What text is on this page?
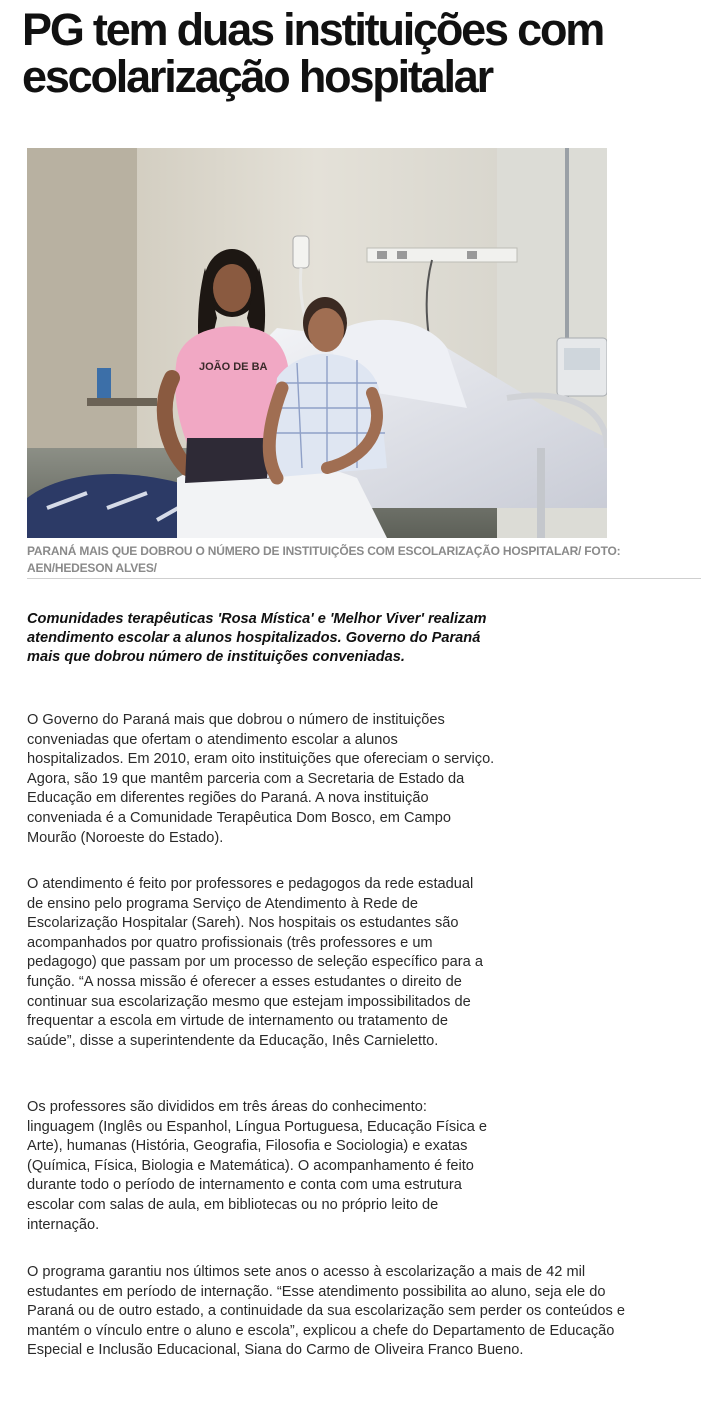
PG tem duas instituições com escolarização hospitalar
JOÃO DE BA

PARANÁ MAIS QUE DOBROU O NÚMERO DE INSTITUIÇÕES COM ESCOLARIZAÇÃO HOSPITALAR/ FOTO: AEN/HEDESON ALVES/

Comunidades terapêuticas 'Rosa Mística' e 'Melhor Viver' realizam atendimento escolar a alunos hospitalizados. Governo do Paraná mais que dobrou número de instituições conveniadas.

O Governo do Paraná mais que dobrou o número de instituições conveniadas que ofertam o atendimento escolar a alunos hospitalizados. Em 2010, eram oito instituições que ofereciam o serviço. Agora, são 19 que mantêm parceria com a Secretaria de Estado da Educação em diferentes regiões do Paraná. A nova instituição conveniada é a Comunidade Terapêutica Dom Bosco, em Campo Mourão (Noroeste do Estado).

O atendimento é feito por professores e pedagogos da rede estadual de ensino pelo programa Serviço de Atendimento à Rede de Escolarização Hospitalar (Sareh). Nos hospitais os estudantes são acompanhados por quatro profissionais (três professores e um pedagogo) que passam por um processo de seleção específico para a função. “A nossa missão é oferecer a esses estudantes o direito de continuar sua escolarização mesmo que estejam impossibilitados de frequentar a escola em virtude de internamento ou tratamento de saúde”, disse a superintendente da Educação, Inês Carnieletto.

Os professores são divididos em três áreas do conhecimento: linguagem (Inglês ou Espanhol, Língua Portuguesa, Educação Física e Arte), humanas (História, Geografia, Filosofia e Sociologia) e exatas (Química, Física, Biologia e Matemática). O acompanhamento é feito durante todo o período de internamento e conta com uma estrutura escolar com salas de aula, em bibliotecas ou no próprio leito de internação.

O programa garantiu nos últimos sete anos o acesso à escolarização a mais de 42 mil estudantes em período de internação. “Esse atendimento possibilita ao aluno, seja ele do Paraná ou de outro estado, a continuidade da sua escolarização sem perder os conteúdos e mantém o vínculo entre o aluno e escola”, explicou a chefe do Departamento de Educação Especial e Inclusão Educacional, Siana do Carmo de Oliveira Franco Bueno.
